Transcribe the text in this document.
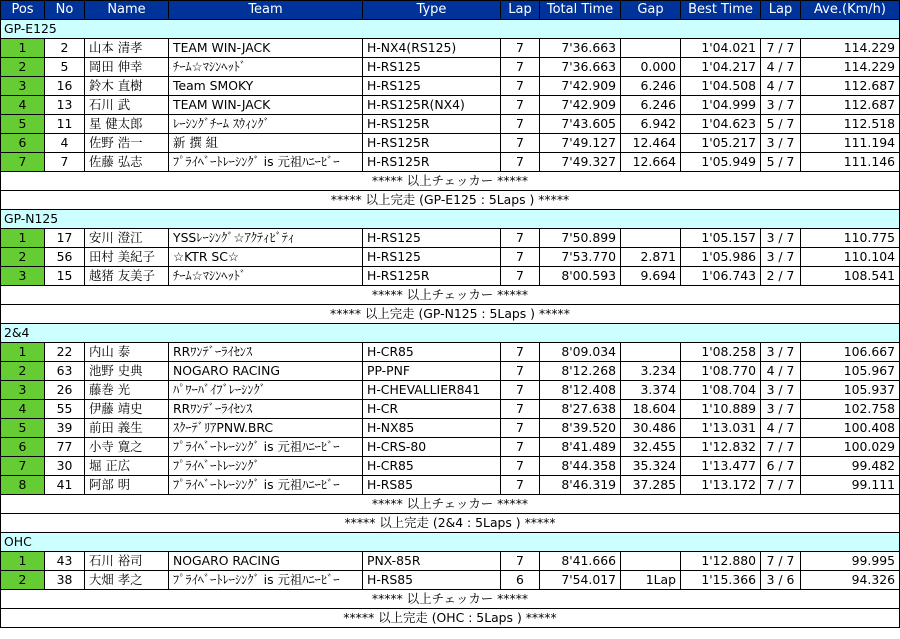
Pos	No	Name	Team	Type	Lap	Total Time	Gap	Best Time	Lap	Ave.(Km/h)
GP-E125										
1	2	山本 清孝	TEAM WIN-JACK	H-NX4(RS125)	7	7'36.663		1'04.021	7 / 7	114.229
2	5	岡田 伸幸	ﾁｰﾑ☆ﾏｼﾝﾍｯﾄﾞ	H-RS125	7	7'36.663	0.000	1'04.217	4 / 7	114.229
3	16	鈴木 直樹	Team SMOKY	H-RS125	7	7'42.909	6.246	1'04.508	4 / 7	112.687
4	13	石川 武	TEAM WIN-JACK	H-RS125R(NX4)	7	7'42.909	6.246	1'04.999	3 / 7	112.687
5	11	星 健太郎	ﾚｰｼﾝｸﾞﾁｰﾑ ｽｳｨﾝｸﾞ	H-RS125R	7	7'43.605	6.942	1'04.623	5 / 7	112.518
6	4	佐野 浩一	新 撰 組	H-RS125R	7	7'49.127	12.464	1'05.217	3 / 7	111.194
7	7	佐藤 弘志	ﾌﾟﾗｲﾍﾞｰﾄﾚｰｼﾝｸﾞ is 元祖ﾊﾆｰﾋﾞｰ	H-RS125R	7	7'49.327	12.664	1'05.949	5 / 7	111.146
***** 以上チェッカー *****										
***** 以上完走 (GP-E125 : 5Laps ) *****										
GP-N125										
1	17	安川 澄江	YSSﾚｰｼﾝｸﾞ☆ｱｸﾃｨﾋﾞﾃｨ	H-RS125	7	7'50.899		1'05.157	3 / 7	110.775
2	56	田村 美紀子	☆KTR SC☆	H-RS125	7	7'53.770	2.871	1'05.986	3 / 7	110.104
3	15	越猪 友美子	ﾁｰﾑ☆ﾏｼﾝﾍｯﾄﾞ	H-RS125R	7	8'00.593	9.694	1'06.743	2 / 7	108.541
***** 以上チェッカー *****										
***** 以上完走 (GP-N125 : 5Laps ) *****										
2&4										
1	22	内山 泰	RRﾜﾝﾃﾞｰﾗｲｾﾝｽ	H-CR85	7	8'09.034		1'08.258	3 / 7	106.667
2	63	池野 史典	NOGARO RACING	PP-PNF	7	8'12.268	3.234	1'08.770	4 / 7	105.967
3	26	藤巻 光	ﾊﾟﾜｰﾊﾞｲﾌﾞﾚｰｼﾝｸﾞ	H-CHEVALLIER841	7	8'12.408	3.374	1'08.704	3 / 7	105.937
4	55	伊藤 靖史	RRﾜﾝﾃﾞｰﾗｲｾﾝｽ	H-CR	7	8'27.638	18.604	1'10.889	3 / 7	102.758
5	39	前田 義生	ｽｸｰﾃﾞﾘｱPNW.BRC	H-NX85	7	8'39.520	30.486	1'13.031	4 / 7	100.408
6	77	小寺 寛之	ﾌﾟﾗｲﾍﾞｰﾄﾚｰｼﾝｸﾞ is 元祖ﾊﾆｰﾋﾞｰ	H-CRS-80	7	8'41.489	32.455	1'12.832	7 / 7	100.029
7	30	堀 正広	ﾌﾟﾗｲﾍﾞｰﾄﾚｰｼﾝｸﾞ	H-CR85	7	8'44.358	35.324	1'13.477	6 / 7	99.482
8	41	阿部 明	ﾌﾟﾗｲﾍﾞｰﾄﾚｰｼﾝｸﾞ is 元祖ﾊﾆｰﾋﾞｰ	H-RS85	7	8'46.319	37.285	1'13.172	7 / 7	99.111
***** 以上チェッカー *****										
***** 以上完走 (2&4 : 5Laps ) *****										
OHC										
1	43	石川 裕司	NOGARO RACING	PNX-85R	7	8'41.666		1'12.880	7 / 7	99.995
2	38	大畑 孝之	ﾌﾟﾗｲﾍﾞｰﾄﾚｰｼﾝｸﾞ is 元祖ﾊﾆｰﾋﾞｰ	H-RS85	6	7'54.017	1Lap	1'15.366	3 / 6	94.326
***** 以上チェッカー *****										
***** 以上完走 (OHC : 5Laps ) *****										
